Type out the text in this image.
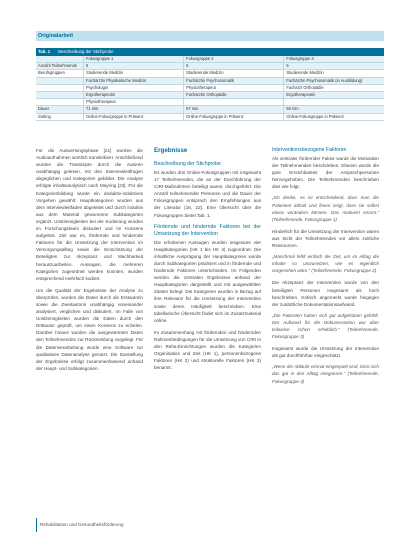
Originalarbeit
Tab. 1 Beschreibung der Stichprobe
	Fokusgruppe 1	Fokusgruppe 2	Fokusgruppe 3
Anzahl Teilnehmende	5	6	6
Berufsgruppen	Studierende Medizin	Studierende Medizin	Studierende Medizin
	Fachärztin Physikalische Medizin	Fachärztin Psychosomatik	Fachärztin Psychosomatik (in Ausbildung)
	Psychologin	Physiotherapeut	Facharzt Orthopädie
	Ergotherapeutin	Fachärztin Orthopädie	Ergotherapeutin
	Physiotherapeut		
Dauer	71 min	67 min	50 min
Setting	Online-Fokusgruppe in Präsenz	Online-Fokusgruppe in Präsenz	Online-Fokusgruppe in Präsenz

Für die Auswertungsphase [21] wurden die Audioaufnahmen wörtlich transkribiert. Anschließend wurden die Transkripte durch die Autoren unabhängig gelesen, mit den Interviewleitfragen abgeglichen und Kategorien gebildet. Die Analyse erfolgte inhaltsanalytisch nach Mayring [23]. Für die Kategorienbildung wurde ein deduktiv-induktives Vorgehen gewählt: Hauptkategorien wurden aus dem Interviewleitfaden abgeleitet und durch induktiv aus dem Material gewonnene Subkategorien ergänzt. Unstimmigkeiten bei der Kodierung wurden im Forschungsteam diskutiert und im Konsens aufgelöst. Ziel war es, fördernde und hindernde Faktoren für die Umsetzung der Intervention im Versorgungsalltag sowie die Einschätzung der Beteiligten zur Akzeptanz und Machbarkeit herauszuarbeiten. Aussagen, die mehreren Kategorien zugeordnet werden konnten, wurden entsprechend mehrfach kodiert.

Um die Qualität der Ergebnisse der Analyse zu überprüfen, wurden die Daten durch die Erstautorin sowie die Zweitautorin unabhängig voneinander analysiert, verglichen und diskutiert. Im Falle von Unstimmigkeiten wurden die Daten durch den Drittautor geprüft, um einen Konsens zu erzielen. Darüber hinaus wurden die ausgewerteten Daten den Teilnehmenden zur Rückmeldung vorgelegt. Für die Datenverarbeitung wurde eine Software zur qualitativen Datenanalyse genutzt. Die Darstellung der Ergebnisse erfolgt zusammenfassend anhand der Haupt- und Subkategorien.

Ergebnisse
Beschreibung der Stichprobe

Es wurden drei Online-Fokusgruppen mit insgesamt 17 Teilnehmenden, die an der Durchführung der CIRI-Maßnahmen beteiligt waren, durchgeführt. Die Anzahl teilnehmender Personen und die Dauer der Fokusgruppen entsprach den Empfehlungen aus der Literatur [16, 22]. Eine Übersicht über die Fokusgruppen bietet Tab. 1.

Fördernde und hindernde Faktoren bei der Umsetzung der Intervention

Die erhobenen Aussagen wurden insgesamt vier Hauptkategorien (HK 1 bis HK 4) zugeordnet. Die inhaltliche Ausprägung der Hauptkategorien wurde durch Subkategorien präzisiert und in fördernde und hindernde Faktoren unterschieden. Im Folgenden werden die zentralen Ergebnisse anhand der Hauptkategorien dargestellt und mit ausgewählten Zitaten belegt. Die Kategorien wurden in Bezug auf ihre Relevanz für die Umsetzung der Intervention sowie deren Häufigkeit beschrieben. Eine tabellarische Übersicht findet sich im Zusatzmaterial online.

Im Zusammenhang mit fördernden und hindernden Rahmenbedingungen für die Umsetzung von CIRI in den Reha-Einrichtungen wurden die Kategorien Organisation und Zeit (HK 1), personenbezogene Faktoren (HK 2) und strukturelle Faktoren (HK 3) benannt.

Interventionsbezogene Faktoren

Als zentraler fördernder Faktor wurde die Motivation der Teilnehmenden beschrieben. Ebenso wurde die gute Erreichbarkeit der Ansprechpersonen hervorgehoben. Die Teilnehmenden beschrieben dies wie folgt:

„Ich denke, es ist entscheidend, dass man die Patienten abholt und ihnen zeigt, dass sie selbst etwas verändern können. Das motiviert enorm.“ (Teilnehmende, Fokusgruppe 1)

Hinderlich für die Umsetzung der Intervention waren aus Sicht der Teilnehmenden vor allem zeitliche Ressourcen.

„Manchmal fehlt einfach die Zeit, um im Alltag die Inhalte so umzusetzen, wie es eigentlich vorgesehen wäre.“ (Teilnehmende, Fokusgruppe 2)

Die Akzeptanz der Intervention wurde von den beteiligten Personen insgesamt als hoch beschrieben. Kritisch angemerkt wurde hingegen der zusätzliche Dokumentationsaufwand.

„Die Patienten haben sich gut aufgehoben gefühlt. Der Aufwand für die Dokumentation war aber teilweise schon erheblich.“ (Teilnehmende, Fokusgruppe 3)

Insgesamt wurde die Umsetzung der Intervention als gut durchführbar eingeschätzt.

„Wenn die Abläufe einmal eingespielt sind, lässt sich das gut in den Alltag integrieren.“ (Teilnehmende, Fokusgruppe 3)

Rehabilitation und Gesundheitsförderung
